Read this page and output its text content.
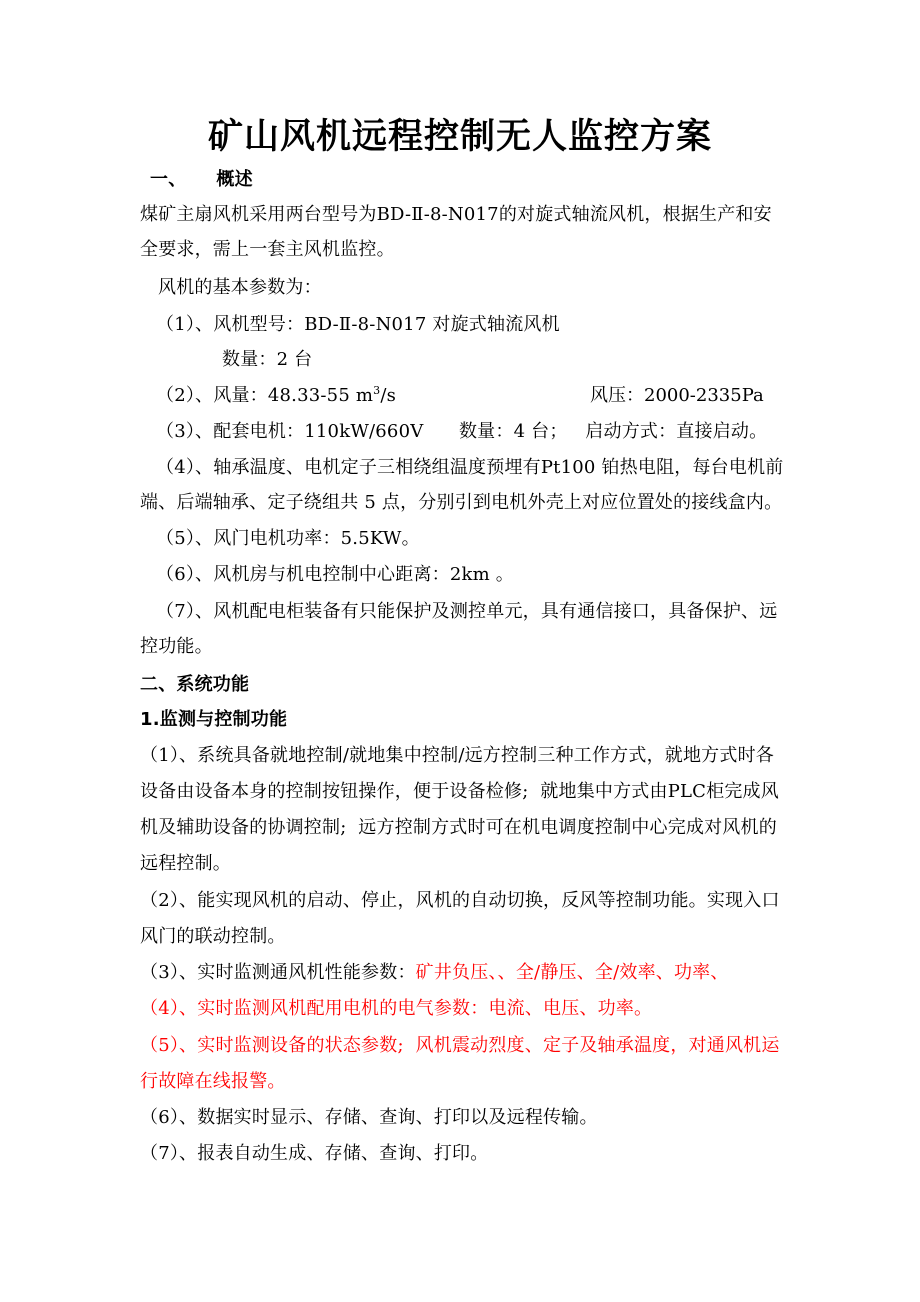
矿山风机远程控制无人监控方案
一、 概述
煤矿主扇风机采用两台型号为BD-Ⅱ-8-N017的对旋式轴流风机，根据生产和安
全要求，需上一套主风机监控。
风机的基本参数为：
（1）、风机型号：BD-Ⅱ-8-N017 对旋式轴流风机
数量：2 台
（2）、风量：48.33-55 $m^3/s$	风压：2000-2335Pa
（3）、配套电机：110kW/660V      数量：4 台；   启动方式：直接启动。
（4）、轴承温度、电机定子三相绕组温度预埋有Pt100 铂热电阻，每台电机前
端、后端轴承、定子绕组共 5 点，分别引到电机外壳上对应位置处的接线盒内。
（5）、风门电机功率：5.5KW。
（6）、风机房与机电控制中心距离：2km 。
（7）、风机配电柜装备有只能保护及测控单元，具有通信接口，具备保护、远
控功能。
二、系统功能
1.监测与控制功能
（1）、系统具备就地控制/就地集中控制/远方控制三种工作方式，就地方式时各
设备由设备本身的控制按钮操作，便于设备检修;  就地集中方式由PLC柜完成风
机及辅助设备的协调控制;  远方控制方式时可在机电调度控制中心完成对风机的
远程控制。
（2）、能实现风机的启动、停止，风机的自动切换，反风等控制功能。实现入口
风门的联动控制。
（3）、实时监测通风机性能参数：矿井负压、、全/静压、全/效率、功率、
（4）、实时监测风机配用电机的电气参数：电流、电压、功率。
（5）、实时监测设备的状态参数;  风机震动烈度、定子及轴承温度，对通风机运
行故障在线报警。
（6）、数据实时显示、存储、查询、打印以及远程传输。
（7）、报表自动生成、存储、查询、打印。
